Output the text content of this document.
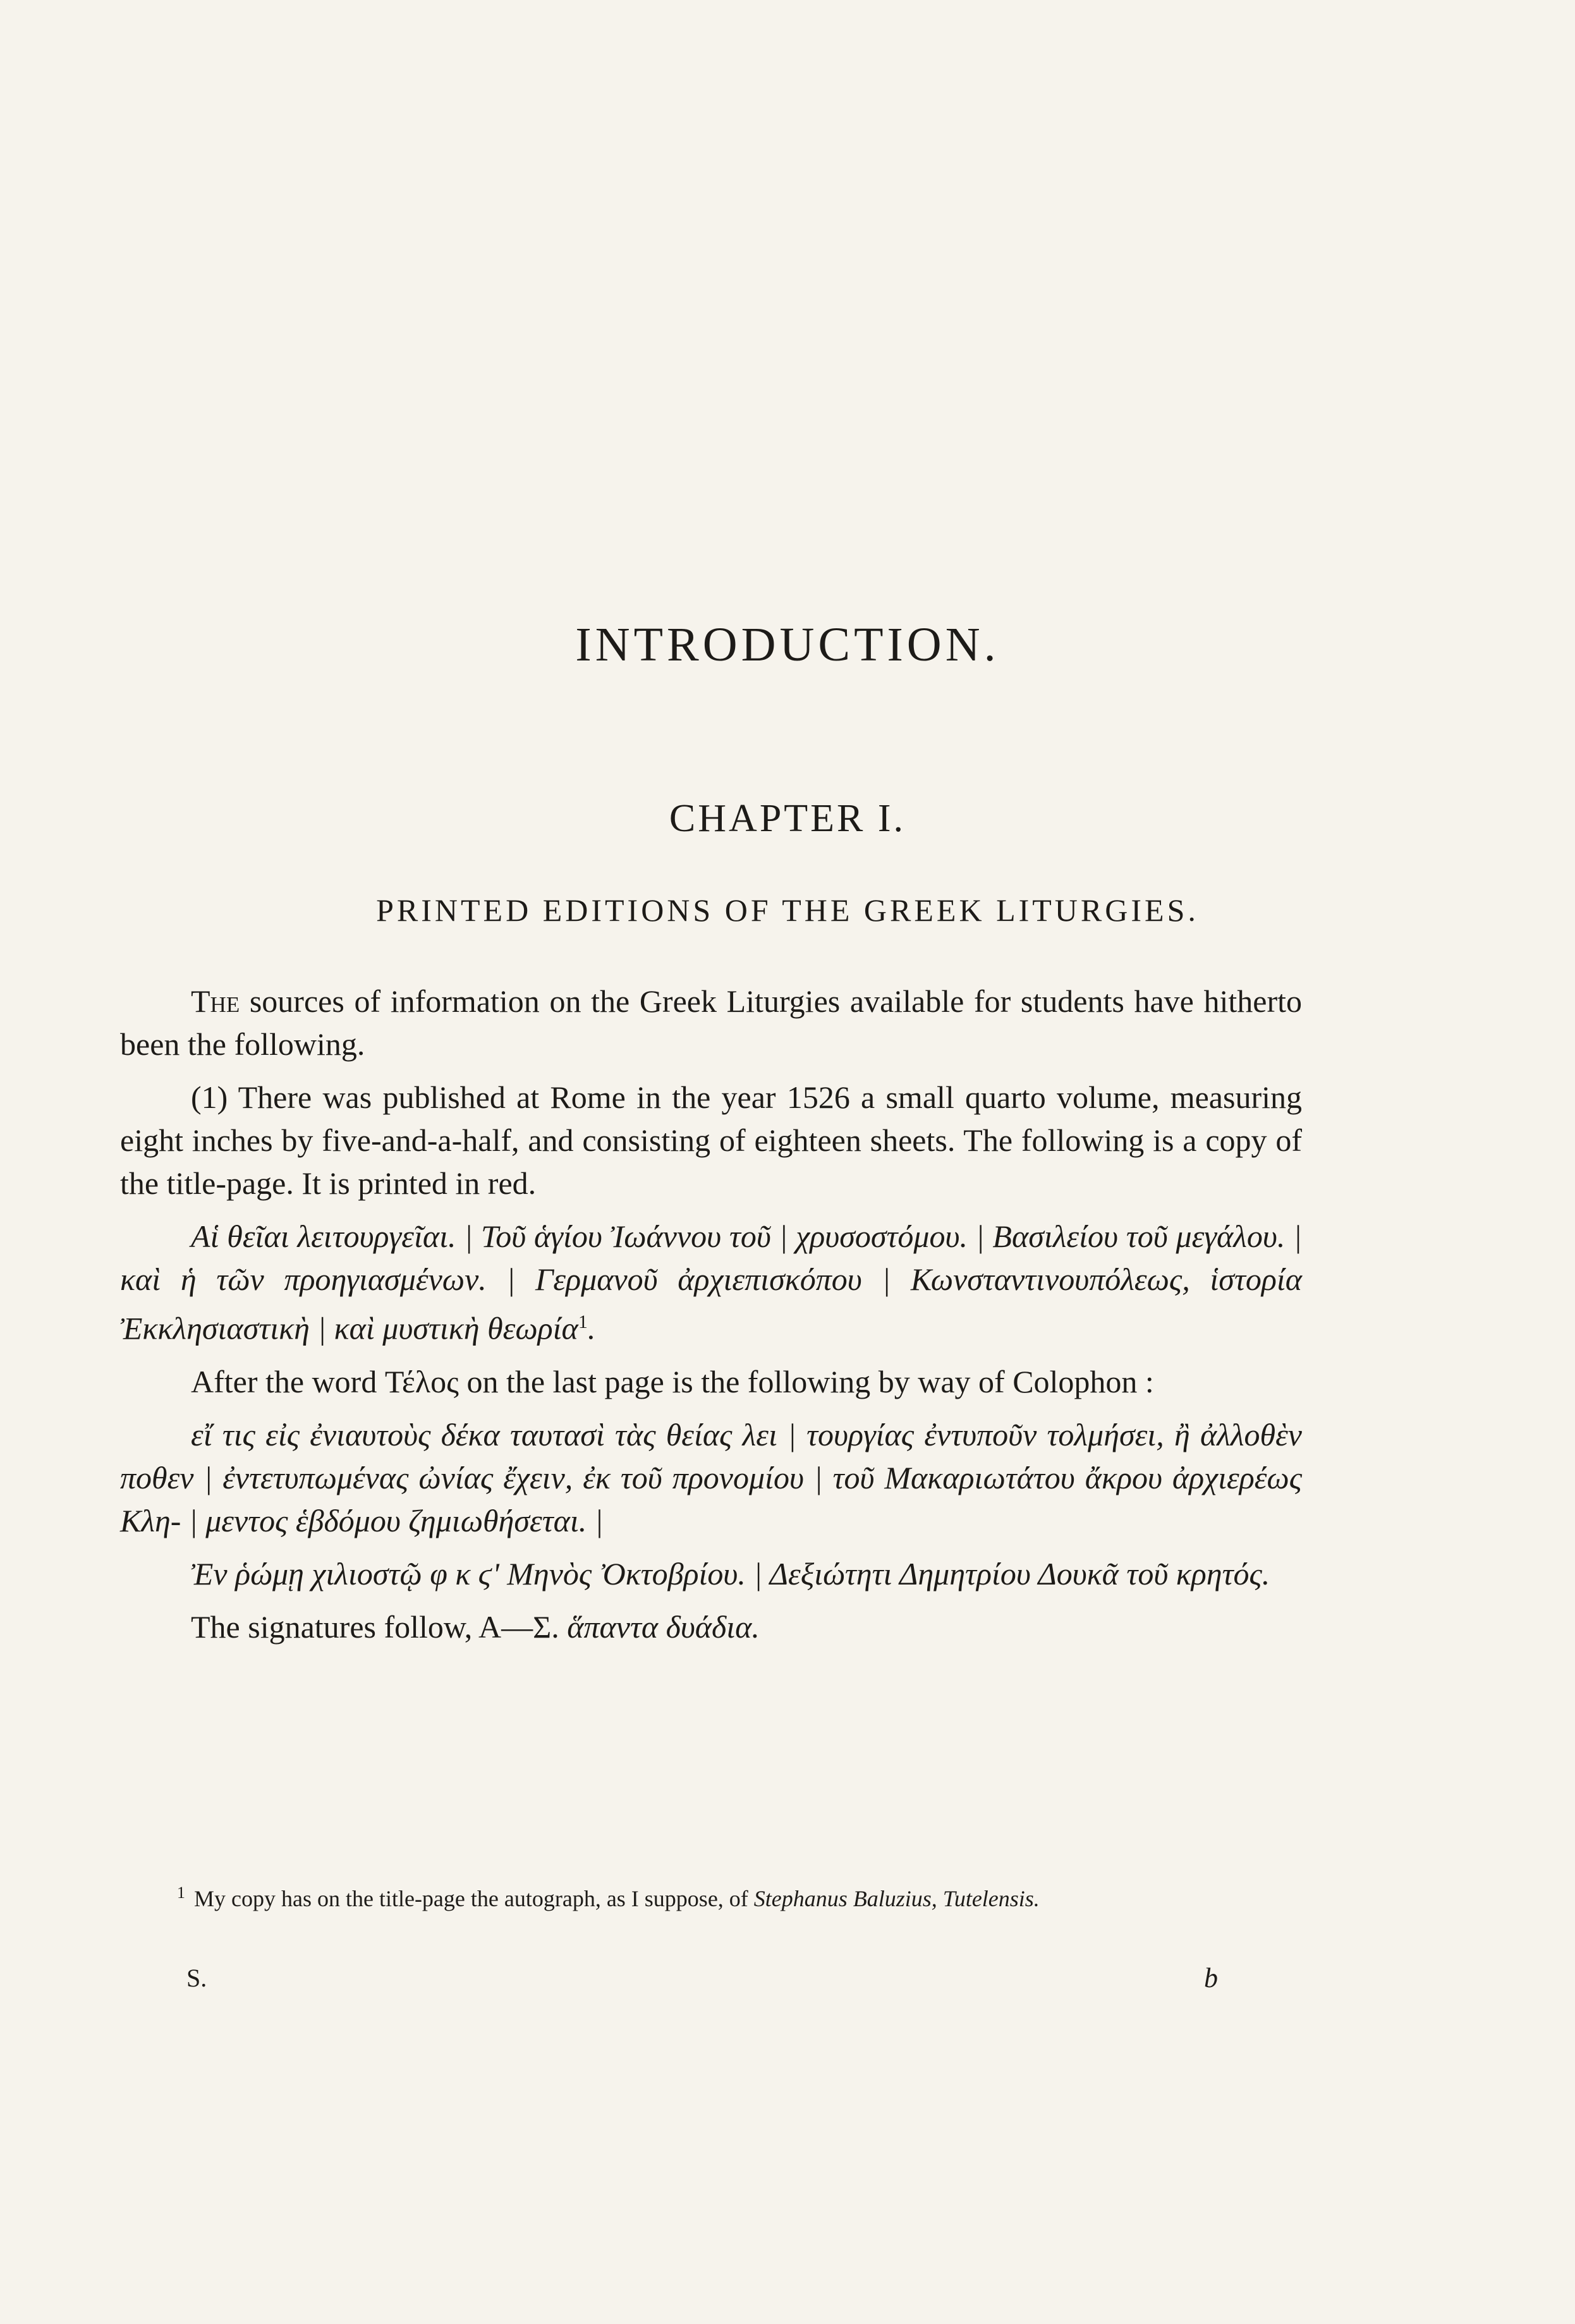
INTRODUCTION.
CHAPTER I.
PRINTED EDITIONS OF THE GREEK LITURGIES.

The sources of information on the Greek Liturgies available for students have hitherto been the following.

(1) There was published at Rome in the year 1526 a small quarto volume, measuring eight inches by five-and-a-half, and consisting of eighteen sheets. The following is a copy of the title-page. It is printed in red.

Αἱ θεῖαι λειτουργεῖαι. | Τοῦ ἁγίου Ἰωάννου τοῦ | χρυσοστόμου. | Βασιλείου τοῦ μεγάλου. | καὶ ἡ τῶν προηγιασμένων. | Γερμανοῦ ἀρχιεπισκόπου | Κωνσταντινουπόλεως, ἱστορία Ἐκκλησιαστικὴ | καὶ μυστικὴ θεωρία$^1$.

After the word Τέλος on the last page is the following by way of Colophon :

εἴ τις εἰς ἐνιαυτοὺς δέκα ταυτασὶ τὰς θείας λει | τουργίας ἐντυποῦν τολμήσει, ἢ ἀλλοθὲν ποθεν | ἐντετυπωμένας ὠνίας ἔχειν, ἐκ τοῦ προνομίου | τοῦ Μακαριωτάτου ἄκρου ἀρχιερέως Κλη- | μεντος ἑβδόμου ζημιωθήσεται. |

Ἐν ῥώμῃ χιλιοστῷ φ κ ϛ' Μηνὸς Ὀκτοβρίου. | Δεξιώτητι Δημητρίου Δουκᾶ τοῦ κρητός.

The signatures follow, A—Σ. ἅπαντα δυάδια.

$^1$ My copy has on the title-page the autograph, as I suppose, of Stephanus Baluzius, Tutelensis.
S.	b
